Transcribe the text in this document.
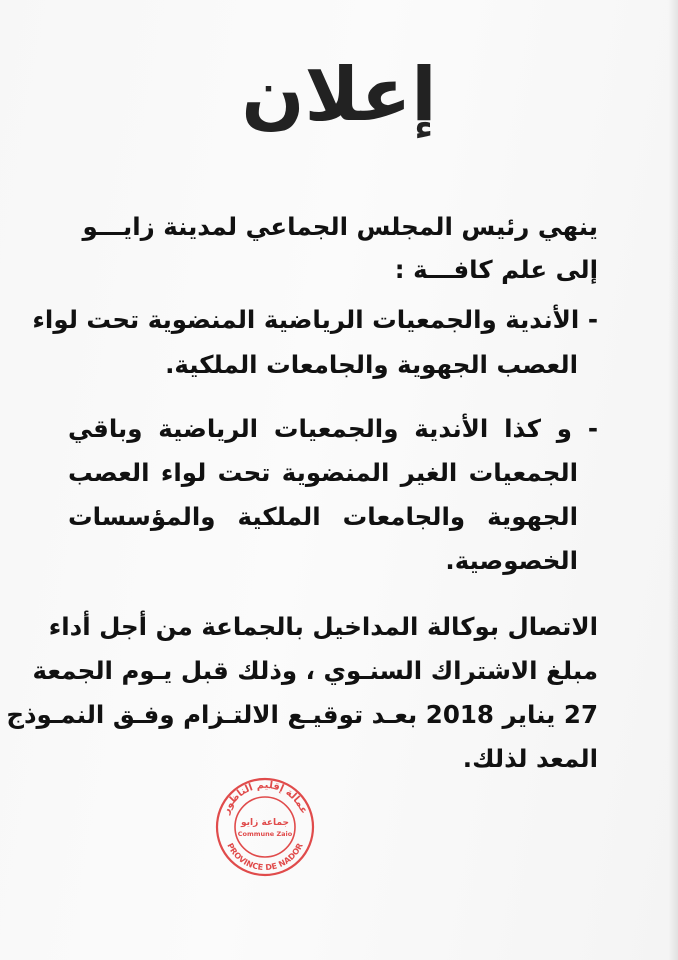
إعلان
ينهي رئيس المجلس الجماعي لمدينة زايـــو
إلى علم كافـــة :
- الأندية والجمعيات الرياضية المنضوية تحت لواء
العصب الجهوية والجامعات الملكية.
- و كذا الأندية والجمعيات الرياضية وباقي
الجمعيات الغير المنضوية تحت لواء العصب
الجهوية والجامعات الملكية والمؤسسات
الخصوصية.
الاتصال بوكالة المداخيل بالجماعة من أجل أداء
مبلغ الاشتراك السنـوي ، وذلك قبل يـوم الجمعة
27 يناير 2018 بعـد توقيـع الالتـزام وفـق النمـوذج
المعد لذلك.
عمالة إقليم الناظور
PROVINCE DE NADOR
جماعة زايو
Commune Zaio
